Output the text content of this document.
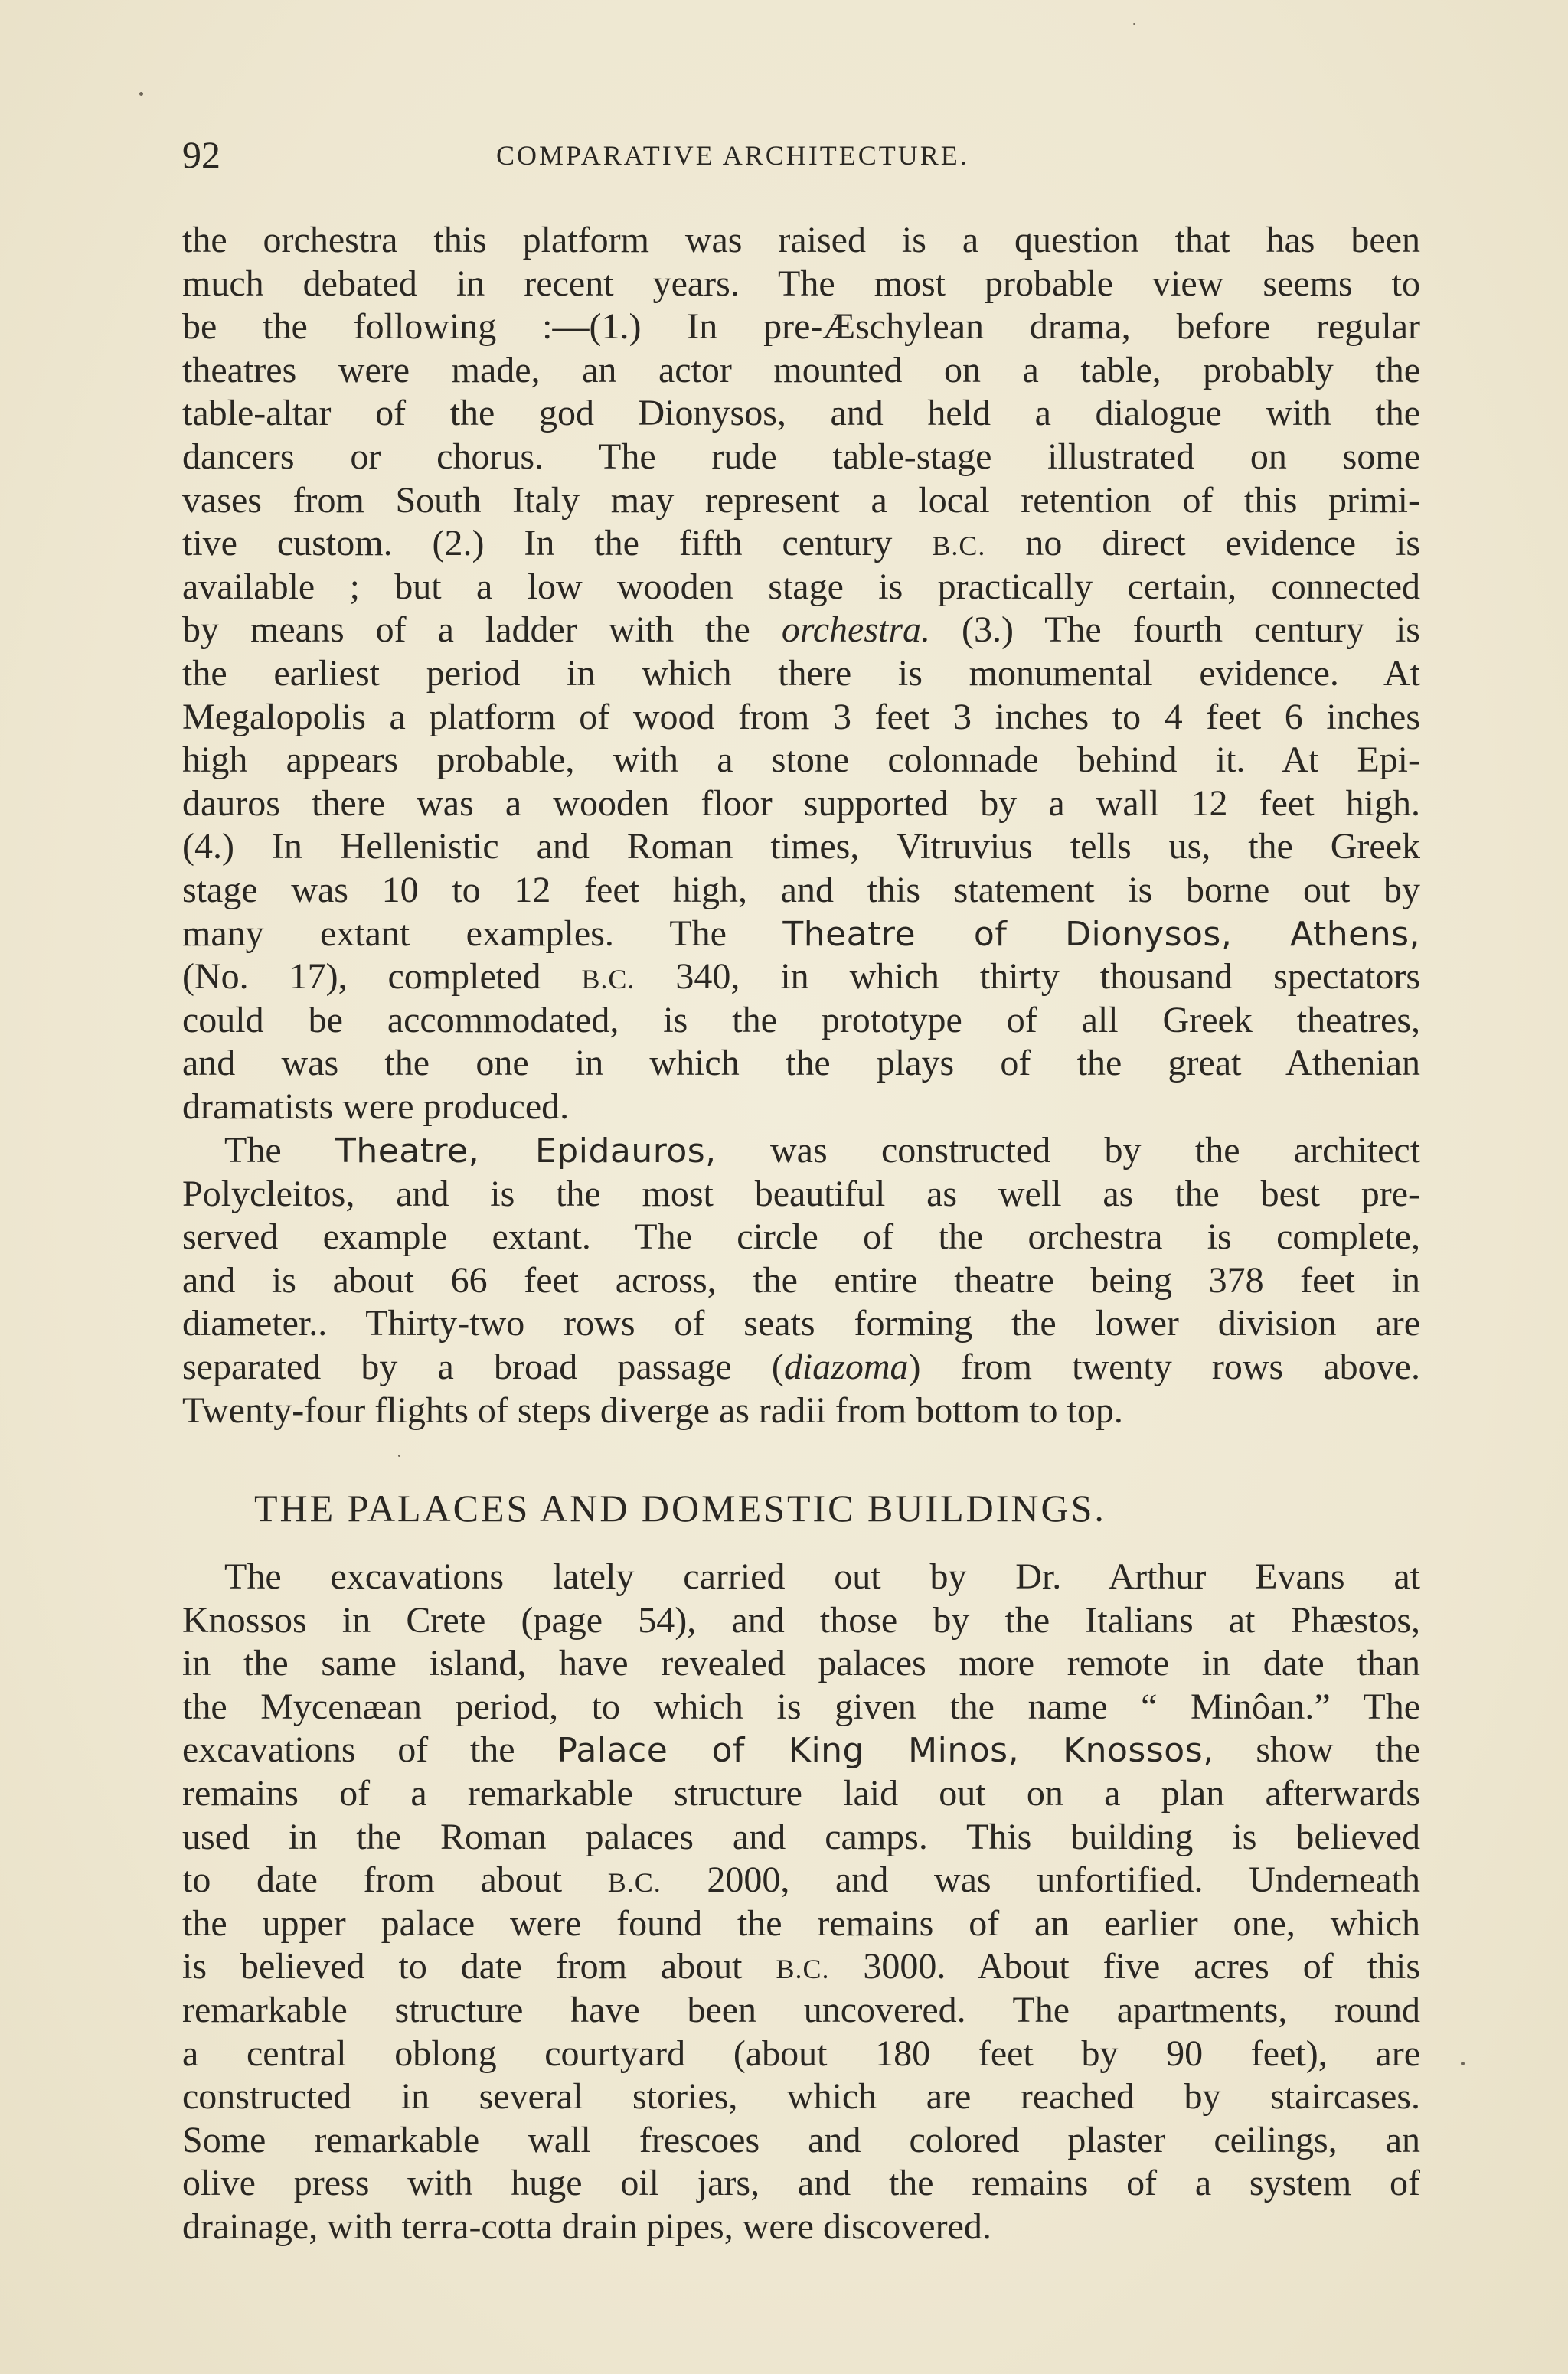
92	COMPARATIVE ARCHITECTURE.
the orchestra this platform was raised is a question that has been
much debated in recent years. The most probable view seems to
be the following :—(1.) In pre-Æschylean drama, before regular
theatres were made, an actor mounted on a table, probably the
table-altar of the god Dionysos, and held a dialogue with the
dancers or chorus. The rude table-stage illustrated on some
vases from South Italy may represent a local retention of this primi-
tive custom. (2.) In the fifth century B.C. no direct evidence is
available ; but a low wooden stage is practically certain, connected
by means of a ladder with the orchestra. (3.) The fourth century is
the earliest period in which there is monumental evidence. At
Megalopolis a platform of wood from 3 feet 3 inches to 4 feet 6 inches
high appears probable, with a stone colonnade behind it. At Epi-
dauros there was a wooden floor supported by a wall 12 feet high.
(4.) In Hellenistic and Roman times, Vitruvius tells us, the Greek
stage was 10 to 12 feet high, and this statement is borne out by
many extant examples. The Theatre of Dionysos, Athens,
(No. 17), completed B.C. 340, in which thirty thousand spectators
could be accommodated, is the prototype of all Greek theatres,
and was the one in which the plays of the great Athenian
dramatists were produced.
The Theatre, Epidauros, was constructed by the architect
Polycleitos, and is the most beautiful as well as the best pre-
served example extant. The circle of the orchestra is complete,
and is about 66 feet across, the entire theatre being 378 feet in
diameter.. Thirty-two rows of seats forming the lower division are
separated by a broad passage (diazoma) from twenty rows above.
Twenty-four flights of steps diverge as radii from bottom to top.
THE PALACES AND DOMESTIC BUILDINGS.
The excavations lately carried out by Dr. Arthur Evans at
Knossos in Crete (page 54), and those by the Italians at Phæstos,
in the same island, have revealed palaces more remote in date than
the Mycenæan period, to which is given the name “ Minôan.” The
excavations of the Palace of King Minos, Knossos, show the
remains of a remarkable structure laid out on a plan afterwards
used in the Roman palaces and camps. This building is believed
to date from about B.C. 2000, and was unfortified. Underneath
the upper palace were found the remains of an earlier one, which
is believed to date from about B.C. 3000. About five acres of this
remarkable structure have been uncovered. The apartments, round
a central oblong courtyard (about 180 feet by 90 feet), are
constructed in several stories, which are reached by staircases.
Some remarkable wall frescoes and colored plaster ceilings, an
olive press with huge oil jars, and the remains of a system of
drainage, with terra-cotta drain pipes, were discovered.
